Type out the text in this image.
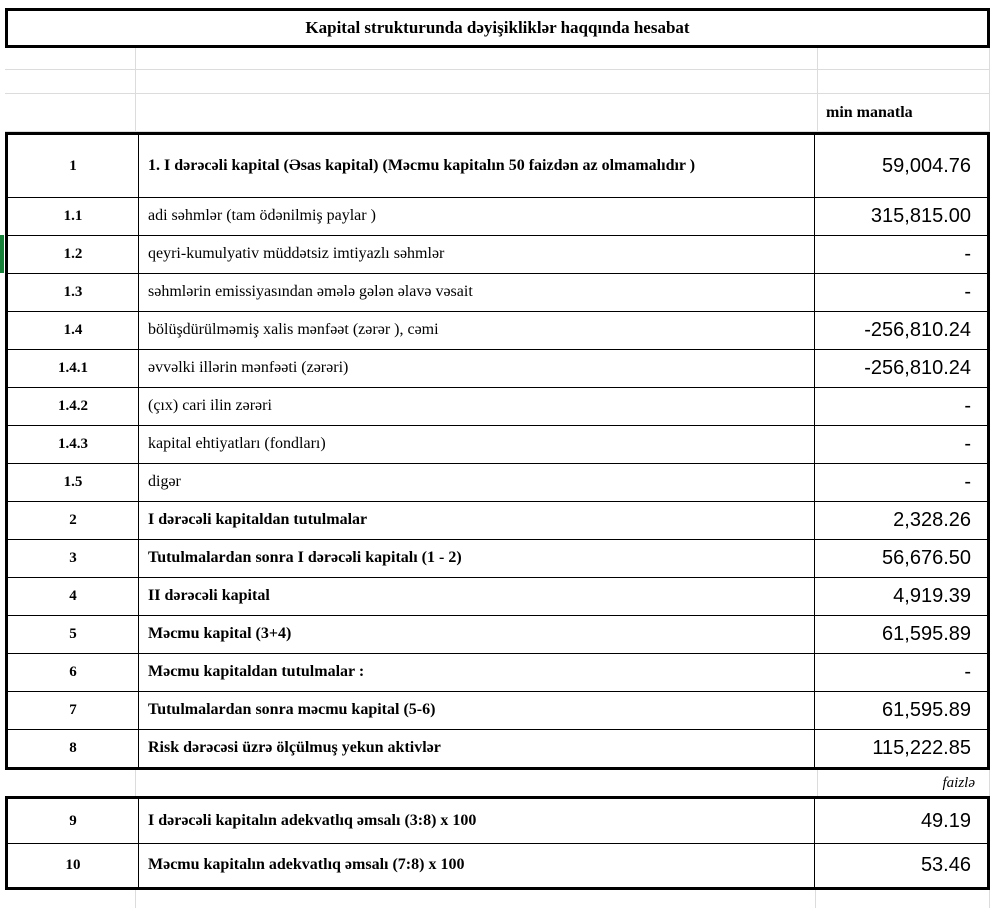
Kapital strukturunda dəyişikliklər haqqında hesabat
min manatla
1	1. I dərəcəli kapital (Əsas kapital) (Məcmu kapitalın 50 faizdən az olmamalıdır )	59,004.76
1.1	adi səhmlər (tam ödənilmiş paylar )	315,815.00
1.2	qeyri-kumulyativ müddətsiz imtiyazlı səhmlər	-
1.3	səhmlərin emissiyasından əmələ gələn əlavə vəsait	-
1.4	bölüşdürülməmiş xalis mənfəət (zərər ), cəmi	-256,810.24
1.4.1	əvvəlki illərin mənfəəti (zərəri)	-256,810.24
1.4.2	(çıx) cari ilin zərəri	-
1.4.3	kapital ehtiyatları (fondları)	-
1.5	digər	-
2	I dərəcəli kapitaldan tutulmalar	2,328.26
3	Tutulmalardan sonra I dərəcəli kapitalı (1 - 2)	56,676.50
4	II dərəcəli kapital	4,919.39
5	Məcmu kapital (3+4)	61,595.89
6	Məcmu kapitaldan tutulmalar :	-
7	Tutulmalardan sonra məcmu kapital (5-6)	61,595.89
8	Risk dərəcəsi üzrə ölçülmuş yekun aktivlər	115,222.85
faizlə
9	I dərəcəli kapitalın adekvatlıq əmsalı (3:8) x 100	49.19
10	Məcmu kapitalın adekvatlıq əmsalı (7:8) x 100	53.46
